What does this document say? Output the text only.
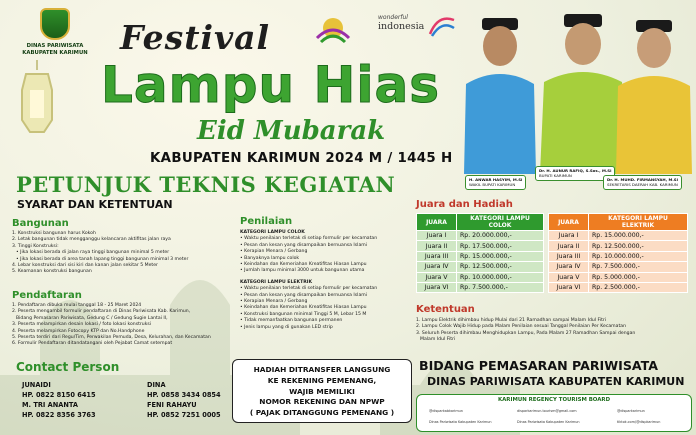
DINAS PARIWISATA
KABUPATEN KARIMUN
wonderful
indonesia
Festival
Lampu Hias
Eid Mubarak
KABUPATEN KARIMUN 2024 M / 1445 H
H. ANWAR HASYIM, M.Si
WAKIL BUPATI KARIMUN
Dr. H. AUNUR RAFIQ, S.Sos., M.Si
BUPATI KARIMUN
Dr. H. MUHD. FIRMANSYAH, M.Si
SEKRETARIS DAERAH KAB. KARIMUN
PETUNJUK TEKNIS KEGIATAN
SYARAT DAN KETENTUAN
Bangunan
1. Konstruksi bangunan harus Kokoh
2. Letak bangunan tidak mengganggu kelancaran aktifitas jalan raya
3. Tinggi Konstruksi:
• Jika lokasi berada di jalan raya tinggi bangunan minimal 5 meter
• Jika lokasi berada di area tanah lapang tinggi bangunan minimal 3 meter
4. Lebar konstruksi dari sisi kiri dan kanan jalan sekitar 5 Meter
5. Keamanan konstruksi bangunan
Pendaftaran
1. Pendaftaran dibuka mulai tanggal 18 - 25 Maret 2024
2. Peserta mengambil formulir pendaftaran di Dinas Pariwisata Kab. Karimun,
Bidang Pemasaran Pariwisata, Gedung C / Gedung Sugie Lantai II,
3. Peserta melampirkan desain lokasi / foto lokasi konstruksi
4. Peserta melampirkan Fotocopy KTP dan No.Handphone
5. Peserta terdiri dari Regu/Tim, Perwakilan Pemuda, Desa, Kelurahan, dan Kecamatan
6. Formulir Pendaftaran ditandatangani oleh Pejabat Camat setempat
Contact Person
JUNAIDI
HP. 0822 8150 6415
M. TRI ANANTA
HP. 0822 8356 3763
DINA
HP. 0858 3434 0854
FENI RAHAYU
HP. 0852 7251 0005
Penilaian
KATEGORI LAMPU COLOK
• Waktu penilaian terletak di setiap formulir per kecamatan
• Pesan dan kesan yang disampaikan bernuansa Islami
• Kerapian Menara / Gerbang
• Banyaknya lampu colok
• Keindahan dan Kemeriahan Kreatifitas Hiasan Lampu
• Jumlah lampu minimal 3000 untuk bangunan utama
KATEGORI LAMPU ELEKTRIK
• Waktu penilaian terletak di setiap formulir per kecamatan
• Pesan dan kesan yang disampaikan bernuansa Islami
• Kerapian Menara / Gerbang
• Keindahan dan Kemeriahan Kreatifitas Hiasan Lampu
• Konstruksi bangunan minimal Tinggi 5 M, Lebar 15 M
• Tidak memanfaatkan bangunan permanen
• Jenis lampu yang di gunakan LED strip
HADIAH DITRANSFER LANGSUNG
KE REKENING PEMENANG,
WAJIB MEMILIKI
NOMOR REKENING DAN NPWP
( PAJAK DITANGGUNG PEMENANG )
Juara dan Hadiah
JUARA	KATEGORI LAMPU COLOK
Juara I	Rp. 20.000.000,-
Juara II	Rp. 17.500.000,-
Juara III	Rp. 15.000.000,-
Juara IV	Rp. 12.500.000,-
Juara V	Rp. 10.000.000,-
Juara VI	Rp. 7.500.000,-
JUARA	KATEGORI LAMPU ELEKTRIK
Juara I	Rp. 15.000.000,-
Juara II	Rp. 12.500.000,-
Juara III	Rp. 10.000.000,-
Juara IV	Rp. 7.500.000,-
Juara V	Rp. 5.000.000,-
Juara VI	Rp. 2.500.000,-
Ketentuan
1. Lampu Elektrik dihimbau hidup Mulai dari 21 Ramadhan sampai Malam Idul Fitri
2. Lampu Colok Wajib Hidup pada Malam Penilaian sesuai Tanggal Penilaian Per Kecamatan
3. Seluruh Peserta dihimbau Menghidupkan Lampu, Pada Malam 27 Ramadhan Sampai dengan
Malam Idul Fitri
BIDANG PEMASARAN PARIWISATA
DINAS PARIWISATA KABUPATEN KARIMUN
KARIMUN REGENCY TOURISM BOARD
@disparkabkarimun	disparkarimun.tourism@gmail.com	@disparkarimun
Dinas Pariwisata Kabupaten Karimun	Dinas Pariwisata Kabupaten Karimun	tiktok.com/@dispkarimun
